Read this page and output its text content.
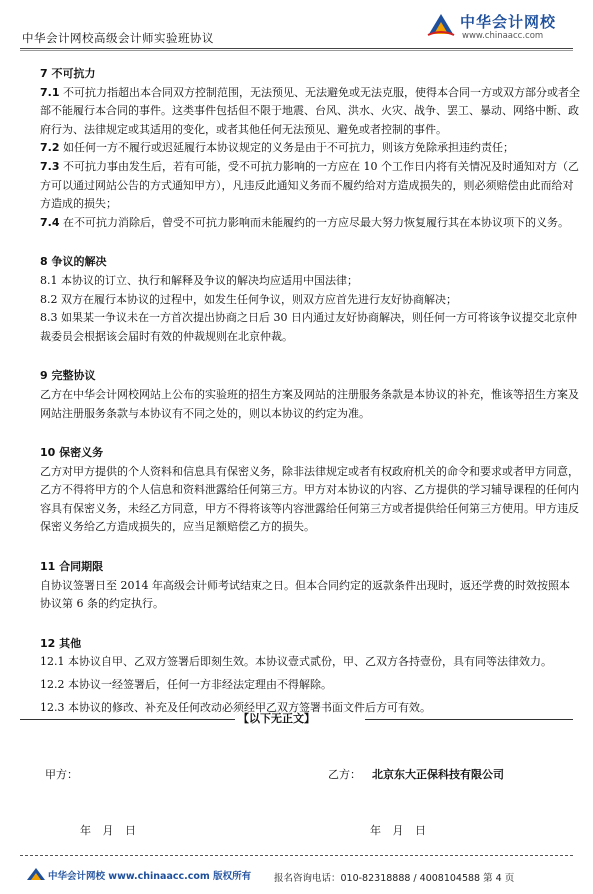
中华会计网校高级会计师实验班协议
中华会计网校
www.chinaacc.com
7 不可抗力
7.1 不可抗力指超出本合同双方控制范围，无法预见、无法避免或无法克服，使得本合同一方或双方部分或者全部不能履行本合同的事件。这类事件包括但不限于地震、台风、洪水、火灾、战争、罢工、暴动、网络中断、政府行为、法律规定或其适用的变化，或者其他任何无法预见、避免或者控制的事件。
7.2 如任何一方不履行或迟延履行本协议规定的义务是由于不可抗力，则该方免除承担违约责任；
7.3 不可抗力事由发生后，若有可能，受不可抗力影响的一方应在 10 个工作日内将有关情况及时通知对方（乙方可以通过网站公告的方式通知甲方），凡违反此通知义务而不履约给对方造成损失的，则必须赔偿由此而给对方造成的损失；
7.4 在不可抗力消除后，曾受不可抗力影响而未能履约的一方应尽最大努力恢复履行其在本协议项下的义务。
8 争议的解决
8.1 本协议的订立、执行和解释及争议的解决均应适用中国法律；
8.2 双方在履行本协议的过程中，如发生任何争议，则双方应首先进行友好协商解决；
8.3 如果某一争议未在一方首次提出协商之日后 30 日内通过友好协商解决，则任何一方可将该争议提交北京仲裁委员会根据该会届时有效的仲裁规则在北京仲裁。
9 完整协议
乙方在中华会计网校网站上公布的实验班的招生方案及网站的注册服务条款是本协议的补充，惟该等招生方案及网站注册服务条款与本协议有不同之处的，则以本协议的约定为准。
10 保密义务
乙方对甲方提供的个人资料和信息具有保密义务，除非法律规定或者有权政府机关的命令和要求或者甲方同意，乙方不得将甲方的个人信息和资料泄露给任何第三方。甲方对本协议的内容、乙方提供的学习辅导课程的任何内容具有保密义务，未经乙方同意，甲方不得将该等内容泄露给任何第三方或者提供给任何第三方使用。甲方违反保密义务给乙方造成损失的，应当足额赔偿乙方的损失。
11 合同期限
自协议签署日至 2014 年高级会计师考试结束之日。但本合同约定的返款条件出现时，返还学费的时效按照本协议第 6 条的约定执行。
12 其他
12.1 本协议自甲、乙双方签署后即刻生效。本协议壹式贰份，甲、乙双方各持壹份，具有同等法律效力。
12.2 本协议一经签署后，任何一方非经法定理由不得解除。
12.3 本协议的修改、补充及任何改动必须经甲乙双方签署书面文件后方可有效。
【以下无正文】
甲方：	乙方： 北京东大正保科技有限公司
年 月 日	年 月 日
中华会计网校 www.chinaacc.com 版权所有 报名咨询电话：010-82318888 / 4008104588 第 4 页
